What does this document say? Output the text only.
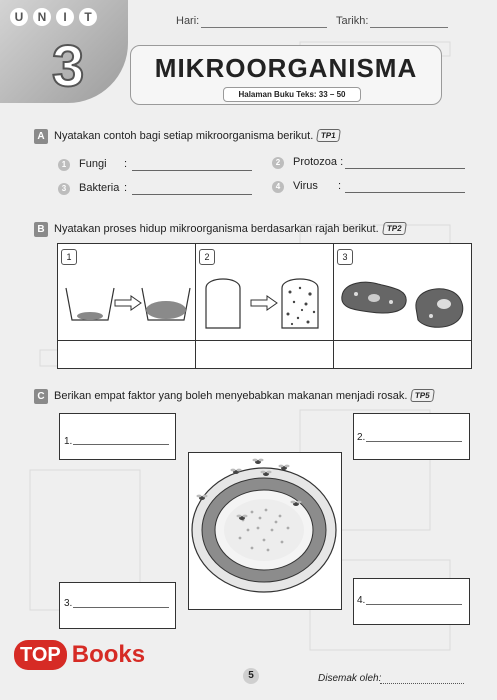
U	N	I	T
3
Hari:	Tarikh:
MIKROORGANISMA
Halaman Buku Teks: 33 – 50
A Nyatakan contoh bagi setiap mikroorganisma berikut. TP1
1	Fungi :	2	Protozoa :
3	Bakteria :	4	Virus :
B Nyatakan proses hidup mikroorganisma berdasarkan rajah berikut. TP2
1	2	3
C Berikan empat faktor yang boleh menyebabkan makanan menjadi rosak. TP5
1.	2.
3.	4.
5	Disemak oleh:
TOP Books
